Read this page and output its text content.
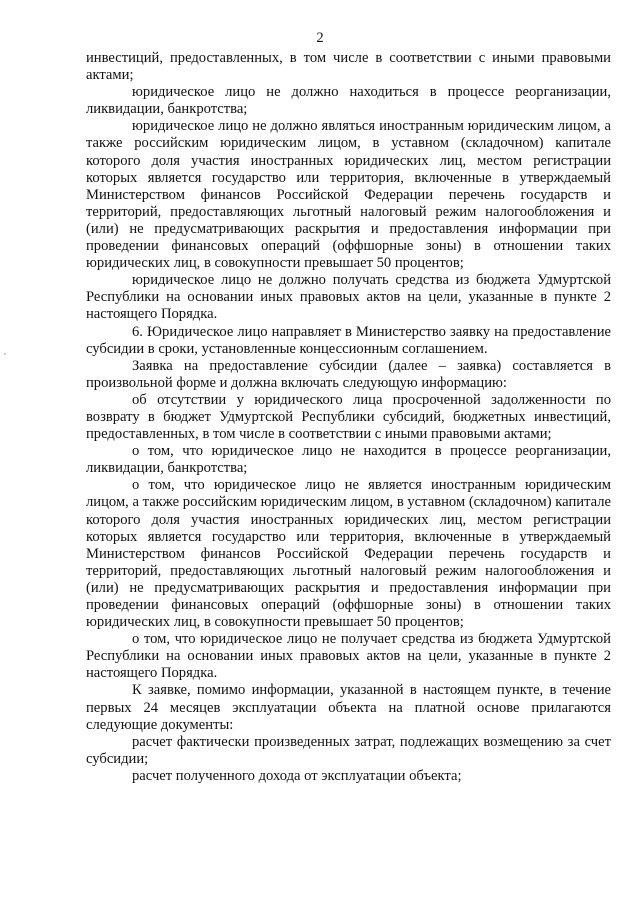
2

инвестиций, предоставленных, в том числе в соответствии с иными правовыми актами;

юридическое лицо не должно находиться в процессе реорганизации, ликвидации, банкротства;

юридическое лицо не должно являться иностранным юридическим лицом, а также российским юридическим лицом, в уставном (складочном) капитале которого доля участия иностранных юридических лиц, местом регистрации которых является государство или территория, включенные в утверждаемый Министерством финансов Российской Федерации перечень государств и территорий, предоставляющих льготный налоговый режим налогообложения и (или) не предусматривающих раскрытия и предоставления информации при проведении финансовых операций (оффшорные зоны) в отношении таких юридических лиц, в совокупности превышает 50 процентов;

юридическое лицо не должно получать средства из бюджета Удмуртской Республики на основании иных правовых актов на цели, указанные в пункте 2 настоящего Порядка.

6. Юридическое лицо направляет в Министерство заявку на предоставление субсидии в сроки, установленные концессионным соглашением.

Заявка на предоставление субсидии (далее – заявка) составляется в произвольной форме и должна включать следующую информацию:

об отсутствии у юридического лица просроченной задолженности по возврату в бюджет Удмуртской Республики субсидий, бюджетных инвестиций, предоставленных, в том числе в соответствии с иными правовыми актами;

о том, что юридическое лицо не находится в процессе реорганизации, ликвидации, банкротства;

о том, что юридическое лицо не является иностранным юридическим лицом, а также российским юридическим лицом, в уставном (складочном) капитале которого доля участия иностранных юридических лиц, местом регистрации которых является государство или территория, включенные в утверждаемый Министерством финансов Российской Федерации перечень государств и территорий, предоставляющих льготный налоговый режим налогообложения и (или) не предусматривающих раскрытия и предоставления информации при проведении финансовых операций (оффшорные зоны) в отношении таких юридических лиц, в совокупности превышает 50 процентов;

о том, что юридическое лицо не получает средства из бюджета Удмуртской Республики на основании иных правовых актов на цели, указанные в пункте 2 настоящего Порядка.

К заявке, помимо информации, указанной в настоящем пункте, в течение первых 24 месяцев эксплуатации объекта на платной основе прилагаются следующие документы:

расчет фактически произведенных затрат, подлежащих возмещению за счет субсидии;

расчет полученного дохода от эксплуатации объекта;
